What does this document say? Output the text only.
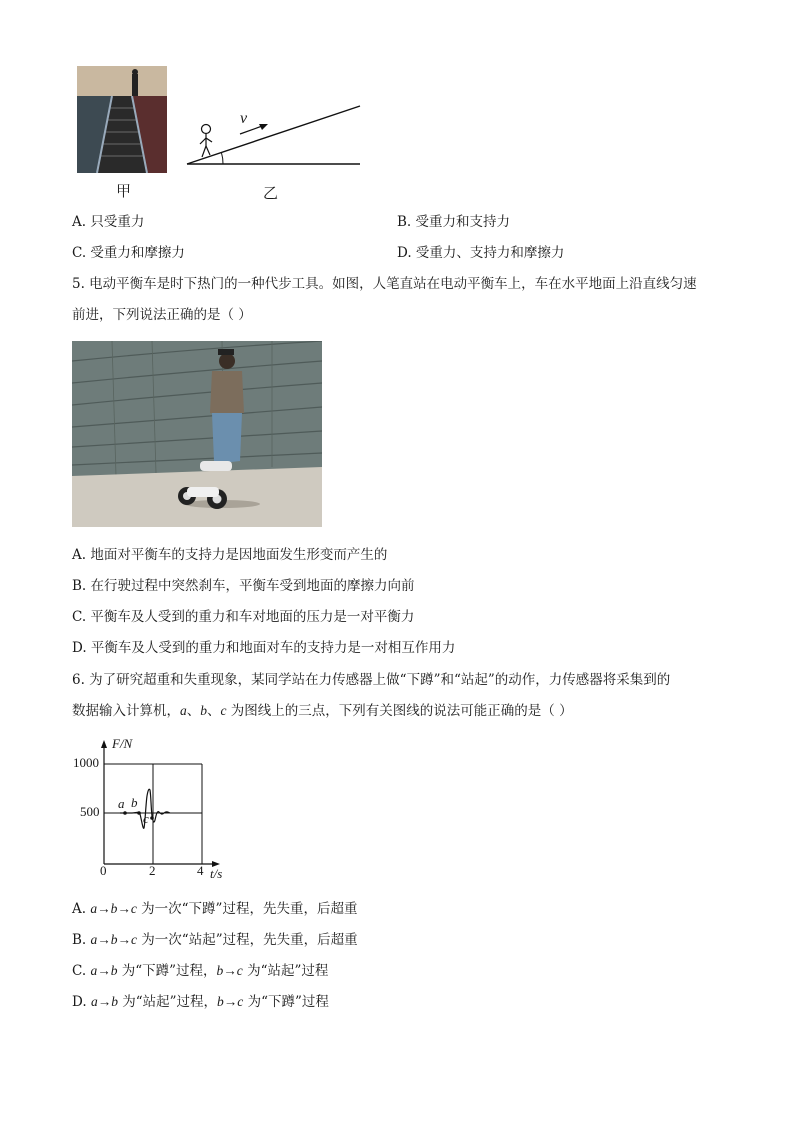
甲
v
乙
A. 只受重力	B. 受重力和支持力
C. 受重力和摩擦力	D. 受重力、支持力和摩擦力
5. 电动平衡车是时下热门的一种代步工具。如图，人笔直站在电动平衡车上，车在水平地面上沿直线匀速
前进，下列说法正确的是（ ）
A. 地面对平衡车的支持力是因地面发生形变而产生的
B. 在行驶过程中突然刹车，平衡车受到地面的摩擦力向前
C. 平衡车及人受到的重力和车对地面的压力是一对平衡力
D. 平衡车及人受到的重力和地面对车的支持力是一对相互作用力
6. 为了研究超重和失重现象，某同学站在力传感器上做“下蹲”和“站起”的动作，力传感器将采集到的
数据输入计算机，a、b、c 为图线上的三点，下列有关图线的说法可能正确的是（ ）
F/N
1000
500
0	2	4 t/s
a b
c
A. a→b→c 为一次“下蹲”过程，先失重，后超重
B. a→b→c 为一次“站起”过程，先失重，后超重
C. a→b 为“下蹲”过程，b→c 为“站起”过程
D. a→b 为“站起”过程，b→c 为“下蹲”过程
